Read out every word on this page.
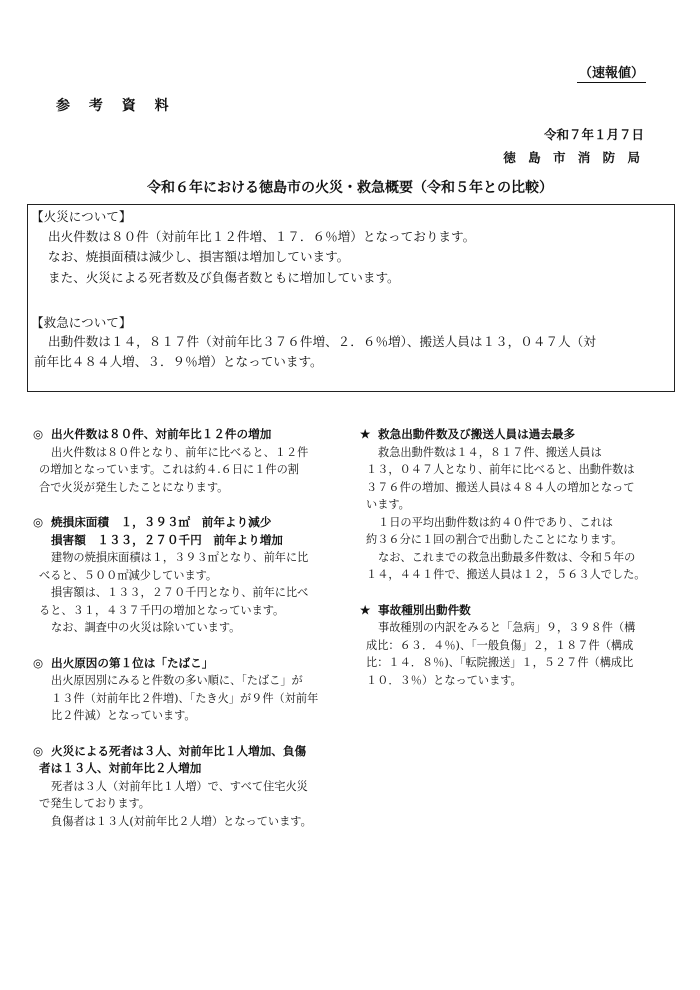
（速報値）
参 考 資 料
令和７年１月７日
徳 島 市 消 防 局
令和６年における徳島市の火災・救急概要（令和５年との比較）
【火災について】
出火件数は８０件（対前年比１２件増、１７．６％増）となっております。
なお、焼損面積は減少し、損害額は増加しています。
また、火災による死者数及び負傷者数ともに増加しています。
【救急について】
出動件数は１４，８１７件（対前年比３７６件増、２．６％増）、搬送人員は１３，０４７人（対
前年比４８４人増、３．９％増）となっています。
◎ 出火件数は８０件、対前年比１２件の増加
出火件数は８０件となり、前年に比べると、１２件
の増加となっています。これは約４.６日に１件の割
合で火災が発生したことになります。
◎ 焼損床面積　１，３９３㎡　前年より減少
損害額　１３３，２７０千円　前年より増加
建物の焼損床面積は１，３９３㎡となり、前年に比
べると、５００㎡減少しています。
損害額は、１３３，２７０千円となり、前年に比べ
ると、３１，４３７千円の増加となっています。
なお、調査中の火災は除いています。
◎ 出火原因の第１位は「たばこ」
出火原因別にみると件数の多い順に、「たばこ」が
１３件（対前年比２件増)、「たき火」が９件（対前年
比２件減）となっています。
◎ 火災による死者は３人、対前年比１人増加、負傷
者は１３人、対前年比２人増加
死者は３人（対前年比１人増）で、すべて住宅火災
で発生しております。
負傷者は１３人(対前年比２人増）となっています。
★ 救急出動件数及び搬送人員は過去最多
救急出動件数は１４，８１７件、搬送人員は
１３，０４７人となり、前年に比べると、出動件数は
３７６件の増加、搬送人員は４８４人の増加となって
います。
１日の平均出動件数は約４０件であり、これは
約３６分に１回の割合で出動したことになります。
なお、これまでの救急出動最多件数は、令和５年の
１４，４４１件で、搬送人員は１２，５６３人でした。
★ 事故種別出動件数
事故種別の内訳をみると「急病」９，３９８件（構
成比：６３．４％)、「一般負傷」２，１８７件（構成
比：１４．８％)、「転院搬送」１，５２７件（構成比
１０．３％）となっています。
